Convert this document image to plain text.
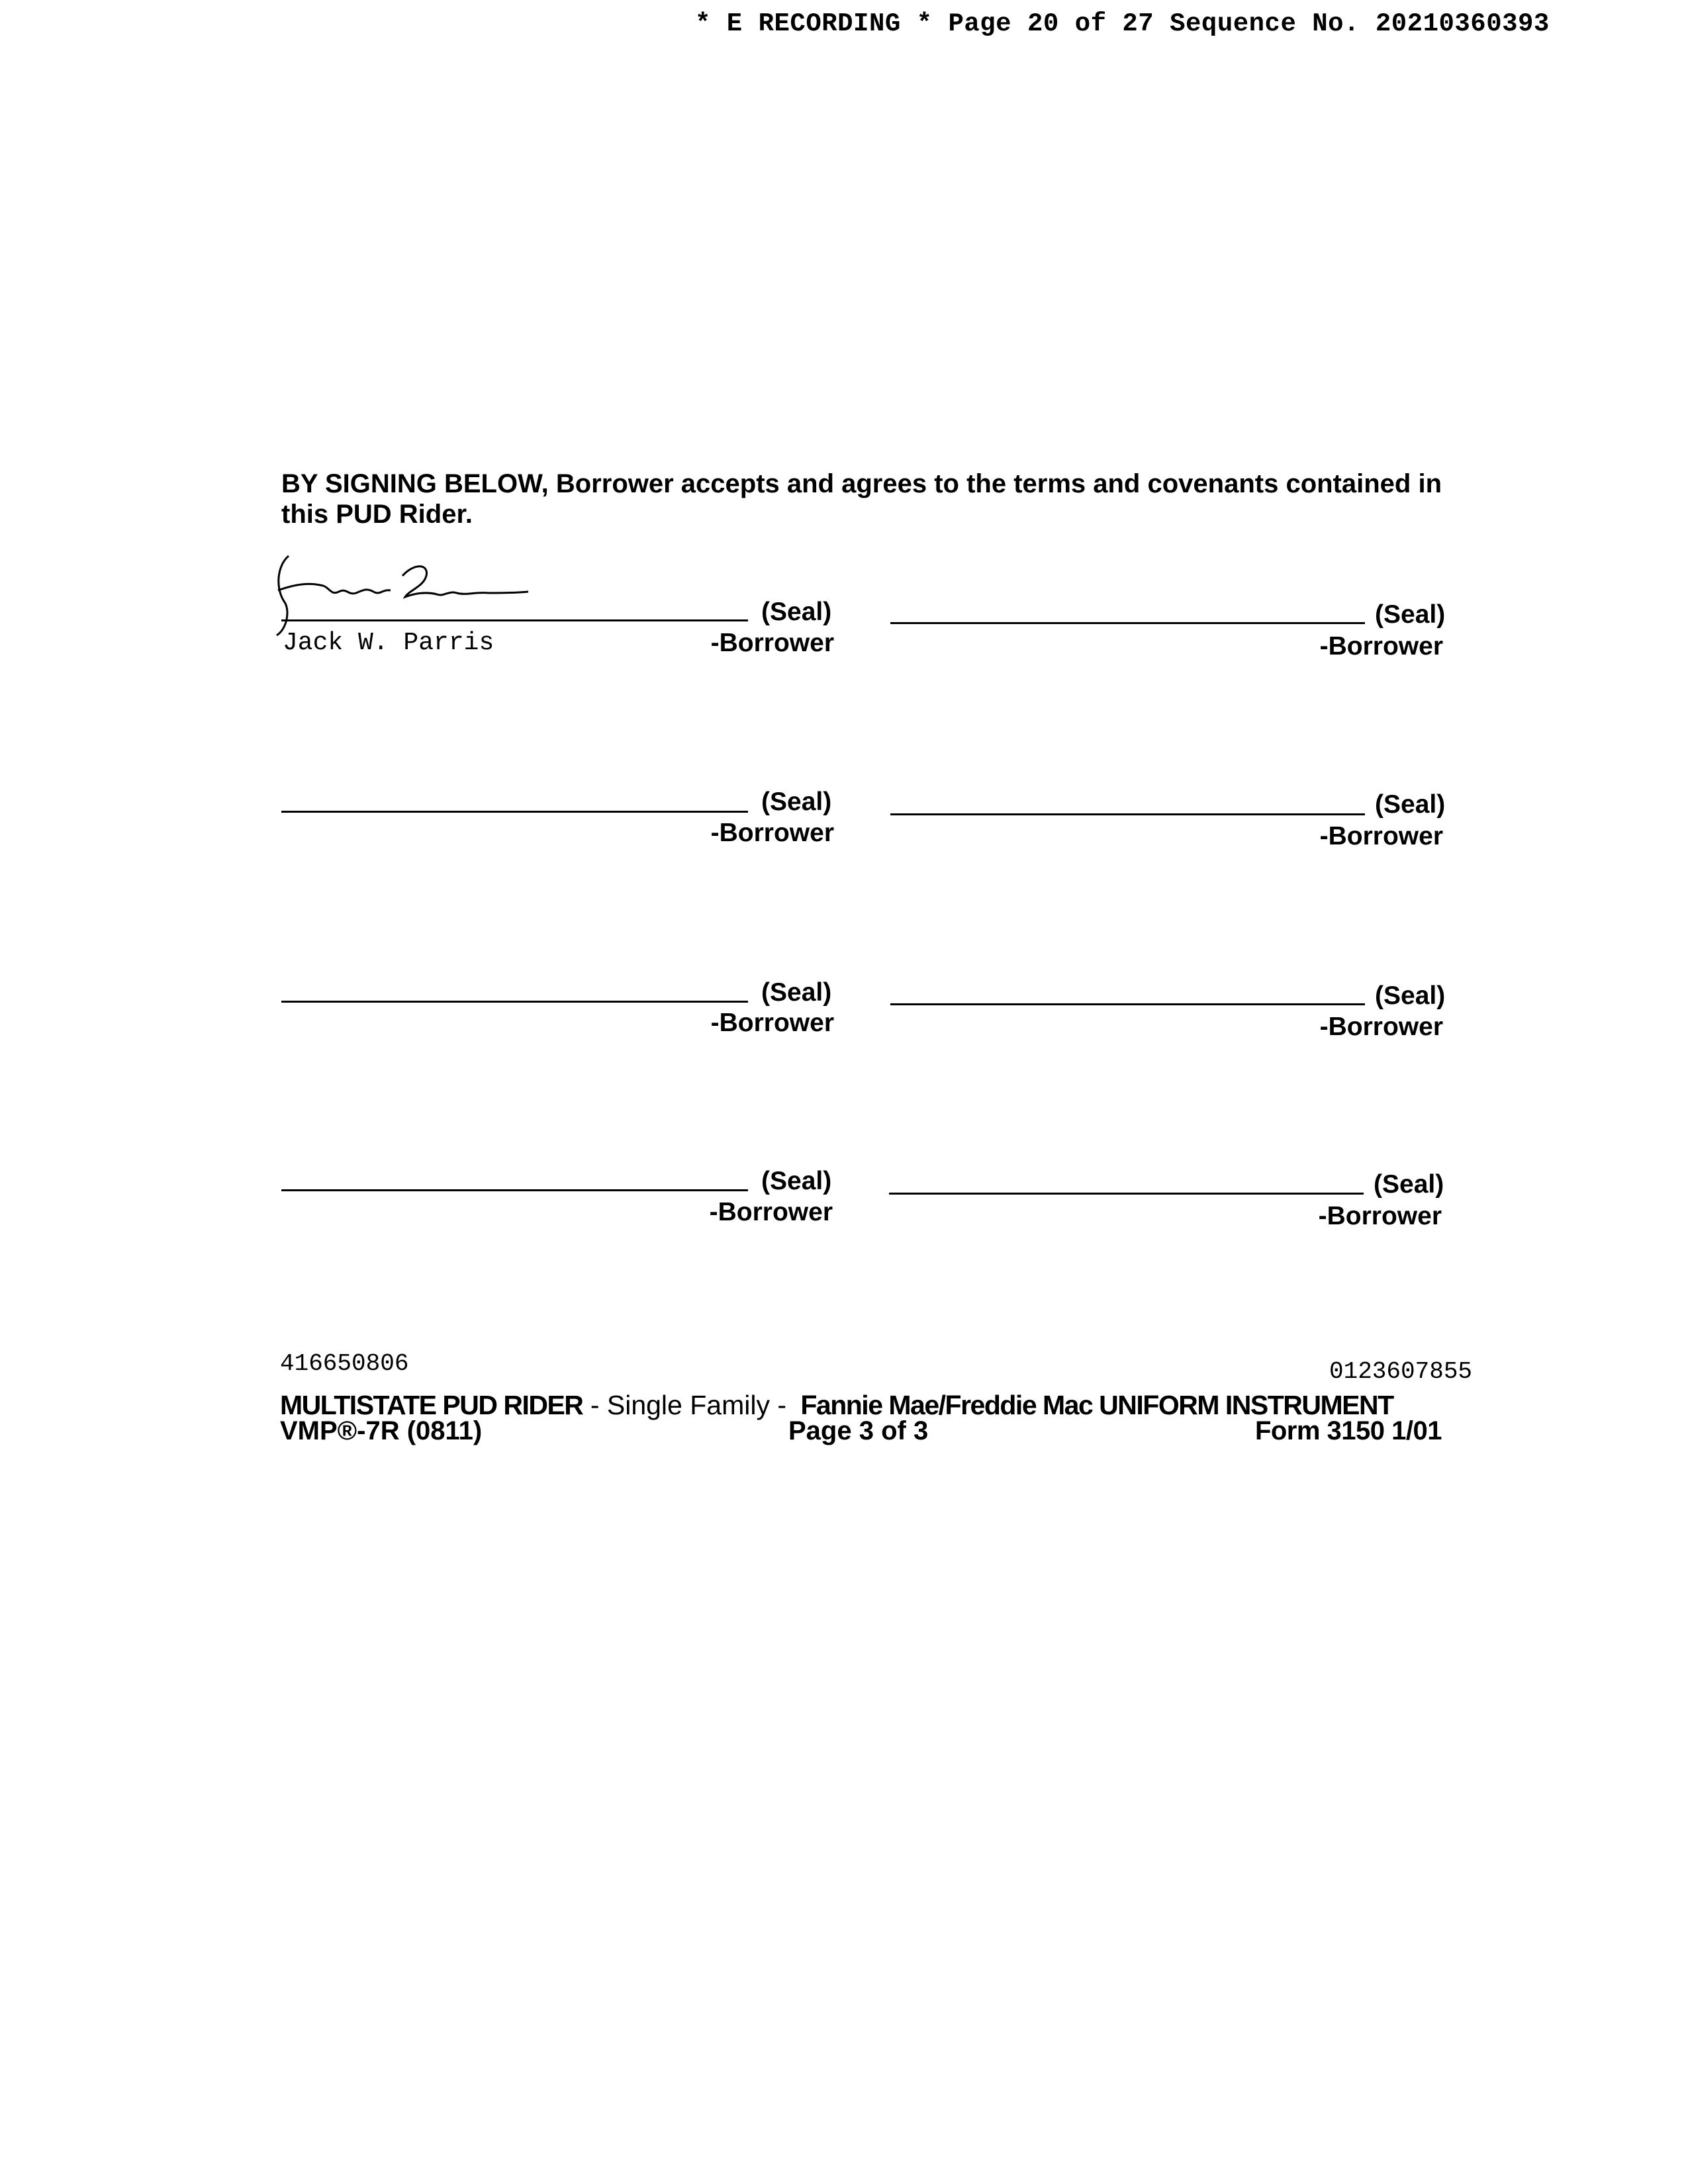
* E RECORDING * Page 20 of 27 Sequence No. 20210360393
BY SIGNING BELOW, Borrower accepts and agrees to the terms and covenants contained in this PUD Rider.
(Seal)
Jack W. Parris	-Borrower
(Seal)
-Borrower
(Seal)
-Borrower
(Seal)
-Borrower
(Seal)
-Borrower
(Seal)
-Borrower
(Seal)
-Borrower
(Seal)
-Borrower
416650806	0123607855
MULTISTATE PUD RIDER - Single Family - Fannie Mae/Freddie Mac UNIFORM INSTRUMENT
VMP®-7R (0811)	Page 3 of 3	Form 3150 1/01
